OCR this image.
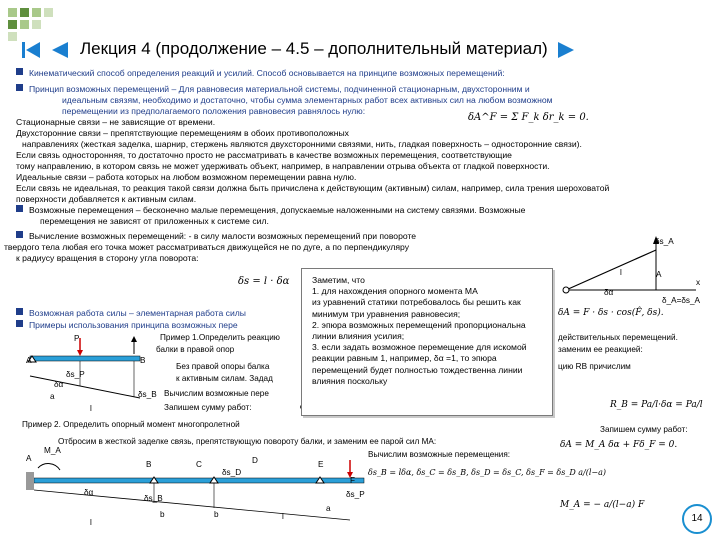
Лекция 4 (продолжение – 4.5 – дополнительный материал)
Кинематический способ определения реакций и усилий. Способ основывается на принципе возможных перемещений:
Принцип возможных перемещений – Для равновесия материальной системы, подчиненной стационарным, двухсторонним и
идеальным связям, необходимо и достаточно, чтобы сумма элементарных работ всех активных сил на любом возможном
перемещении из предполагаемого положения равновесия равнялось нулю:
Стационарные связи – не зависящие от времени.
Двухсторонние связи – препятствующие перемещениям в обоих противоположных
направлениях (жесткая заделка, шарнир, стержень являются двухсторонними связями, нить, гладкая поверхность – односторонние связи).
Если связь односторонняя, то достаточно просто не рассматривать в качестве возможных перемещения, соответствующие
тому направлению, в котором связь не может удерживать объект, например, в направлении отрыва объекта от гладкой поверхности.
Идеальные связи – работа которых на любом возможном перемещении равна нулю.
Если связь не идеальная, то реакция такой связи должна быть причислена к действующим (активным) силам, например, сила трения шероховатой
поверхности добавляется к активным силам.
Возможные перемещения – бесконечно малые перемещения, допускаемые наложенными на систему связями. Возможные
перемещения не зависят от приложенных к системе сил.
Вычисление возможных перемещений: - в силу малости возможных перемещений при повороте
твердого тела любая его точка может рассматриваться движущейся не по дуге, а по перпендикуляру
к радиусу вращения в сторону угла поворота:
Возможная работа силы – элементарная работа силы
Примеры использования принципа возможных пере
Пример 1.Определить реакцию
балки в правой опор
Без правой опоры балка
к активным силам. Задад
Вычислим возможные пере
Запишем сумму работ:
Пример 2. Определить опорный момент многопролетной
Отбросим в жесткой заделке связь, препятствующую повороту балки, и заменим ее парой сил MA:
Вычислим возможные перемещения:
действительных перемещений.
заменим ее реакцией:
цию RB причислим
Запишем сумму работ:
δA^F = Σ F_k δr_k = 0.
δs = l · δα
δA = F · δs · cos(F̂, δs).
R_B = Pa/l·δα = Pa/l
δA = M_A δα + Fδ_F = 0.
δs_B = lδα, δs_C = δs_B, δs_D = δs_C, δs_F = δs_D a/(l−a)
M_A = − a/(l−a) F
δs_A
A
l
δα
x
δ_A=δs_A
A
P
B
δs_P
δα
a
l
δs_B
A
M_A
B	C	D	E
F
δs_D
δs_P
δα
δs_B
b	b
a
l
l
Заметим, что
1. для нахождения опорного момента MA
из уравнений статики потребовалось бы решить как
минимум три уравнения равновесия;
2. эпюра возможных перемещений пропорциональна
линии влияния усилия;
3. если задать возможное перемещение для искомой
реакции равным 1, например, δα =1, то эпюра
перемещений будет полностью тождественна линии
влияния поскольку
14
